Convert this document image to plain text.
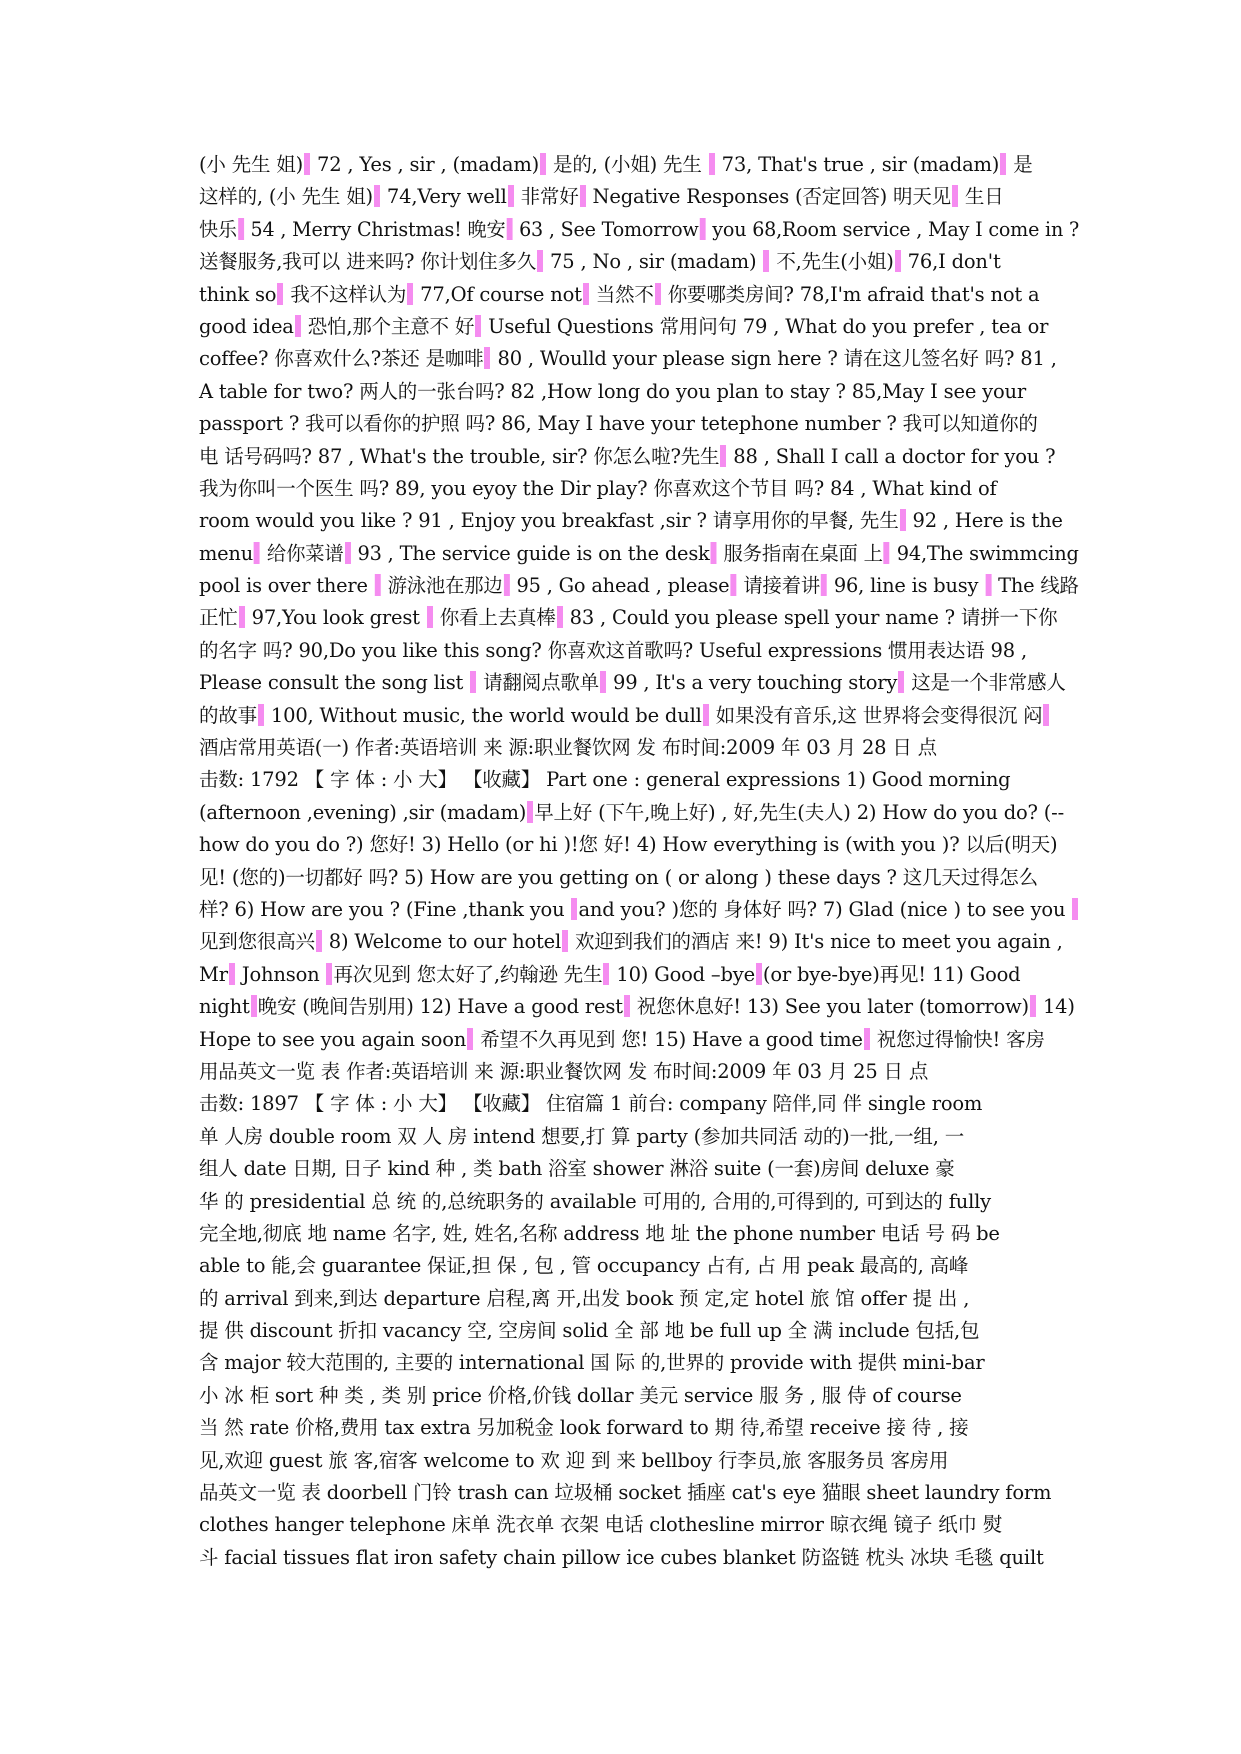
(小 先生 姐) 72 , Yes , sir , (madam) 是的, (小姐) 先生  73, That's true , sir (madam) 是
这样的, (小 先生 姐) 74,Very well 非常好 Negative Responses (否定回答) 明天见 生日
快乐 54 , Merry Christmas! 晚安 63 , See Tomorrow you 68,Room service , May I come in ?
送餐服务,我可以 进来吗? 你计划住多久 75 , No , sir (madam)  不,先生(小姐) 76,I don't
think so 我不这样认为 77,Of course not 当然不 你要哪类房间? 78,I'm afraid that's not a
good idea 恐怕,那个主意不 好 Useful Questions 常用问句 79 , What do you prefer , tea or
coffee? 你喜欢什么?茶还 是咖啡 80 , Woulld your please sign here ? 请在这儿签名好 吗? 81 ,
A table for two? 两人的一张台吗? 82 ,How long do you plan to stay ? 85,May I see your
passport ? 我可以看你的护照 吗? 86, May I have your tetephone number ? 我可以知道你的
电 话号码吗? 87 , What's the trouble, sir? 你怎么啦?先生 88 , Shall I call a doctor for you ?
我为你叫一个医生 吗? 89, you eyoy the Dir play? 你喜欢这个节目 吗? 84 , What kind of
room would you like ? 91 , Enjoy you breakfast ,sir ? 请享用你的早餐, 先生 92 , Here is the
menu 给你菜谱 93 , The service guide is on the desk 服务指南在桌面 上 94,The swimmcing
pool is over there  游泳池在那边 95 , Go ahead , please 请接着讲 96, line is busy  The 线路
正忙 97,You look grest  你看上去真棒 83 , Could you please spell your name ? 请拼一下你
的名字 吗? 90,Do you like this song? 你喜欢这首歌吗? Useful expressions 惯用表达语 98 ,
Please consult the song list  请翻阅点歌单 99 , It's a very touching story 这是一个非常感人
的故事 100, Without music, the world would be dull 如果没有音乐,这 世界将会变得很沉 闷
酒店常用英语(一) 作者:英语培训 来 源:职业餐饮网 发 布时间:2009 年 03 月 28 日 点
击数: 1792 【 字 体 : 小 大】 【收藏】 Part one : general expressions 1) Good morning
(afternoon ,evening) ,sir (madam) 早上好 (下午,晚上好) , 好,先生(夫人) 2) How do you do? (--
how do you do ?) 您好! 3) Hello (or hi )!您 好! 4) How everything is (with you )? 以后(明天)
见! (您的)一切都好 吗? 5) How are you getting on ( or along ) these days ? 这几天过得怎么
样? 6) How are you ? (Fine ,thank you and you? )您的 身体好 吗? 7) Glad (nice ) to see you
见到您很高兴 8) Welcome to our hotel 欢迎到我们的酒店 来! 9) It's nice to meet you again ,
Mr Johnson 再次见到 您太好了,约翰逊 先生 10) Good –bye (or bye-bye)再见! 11) Good
night 晚安 (晚间告别用) 12) Have a good rest 祝您休息好! 13) See you later (tomorrow) 14)
Hope to see you again soon 希望不久再见到 您! 15) Have a good time 祝您过得愉快! 客房
用品英文一览 表 作者:英语培训 来 源:职业餐饮网 发 布时间:2009 年 03 月 25 日 点
击数: 1897 【 字 体 : 小 大】 【收藏】 住宿篇 1 前台: company 陪伴,同 伴 single room
单 人房 double room 双 人 房 intend 想要,打 算 party (参加共同活 动的)一批,一组, 一
组人 date 日期, 日子 kind 种 , 类 bath 浴室 shower 淋浴 suite (一套)房间 deluxe 豪
华 的 presidential 总 统 的,总统职务的 available 可用的, 合用的,可得到的, 可到达的 fully
完全地,彻底 地 name 名字, 姓, 姓名,名称 address 地 址 the phone number 电话 号 码 be
able to 能,会 guarantee 保证,担 保 , 包 , 管 occupancy 占有, 占 用 peak 最高的, 高峰
的 arrival 到来,到达 departure 启程,离 开,出发 book 预 定,定 hotel 旅 馆 offer 提 出 ,
提 供 discount 折扣 vacancy 空, 空房间 solid 全 部 地 be full up 全 满 include 包括,包
含 major 较大范围的, 主要的 international 国 际 的,世界的 provide with 提供 mini-bar
小 冰 柜 sort 种 类 , 类 别 price 价格,价钱 dollar 美元 service 服 务 , 服 侍 of course
当 然 rate 价格,费用 tax extra 另加税金 look forward to 期 待,希望 receive 接 待 , 接
见,欢迎 guest 旅 客,宿客 welcome to 欢 迎 到 来 bellboy 行李员,旅 客服务员 客房用
品英文一览 表 doorbell 门铃 trash can 垃圾桶 socket 插座 cat's eye 猫眼 sheet laundry form
clothes hanger telephone 床单 洗衣单 衣架 电话 clothesline mirror 晾衣绳 镜子 纸巾 熨
斗 facial tissues flat iron safety chain pillow ice cubes blanket 防盗链 枕头 冰块 毛毯 quilt
